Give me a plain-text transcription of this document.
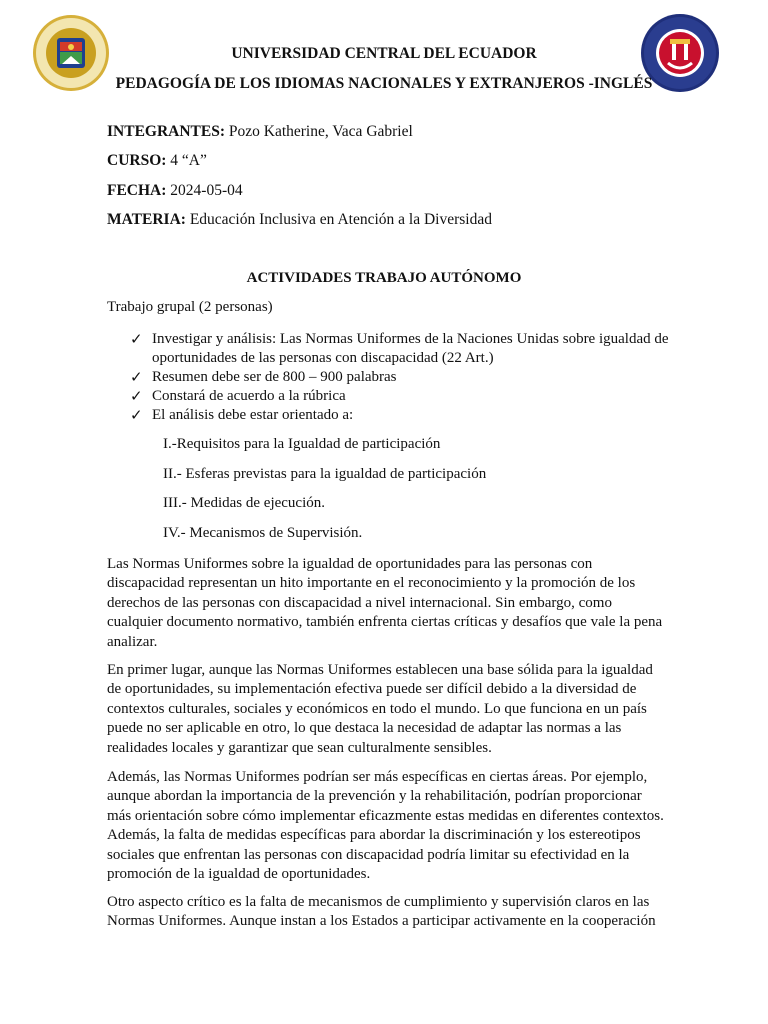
UNIVERSIDAD CENTRAL DEL ECUADOR
PEDAGOGÍA DE LOS IDIOMAS NACIONALES Y EXTRANJEROS -INGLÉS
INTEGRANTES: Pozo Katherine, Vaca Gabriel
CURSO: 4 “A”
FECHA: 2024-05-04
MATERIA: Educación Inclusiva en Atención a la Diversidad
ACTIVIDADES TRABAJO AUTÓNOMO
Trabajo grupal (2 personas)
✓ Investigar y análisis: Las Normas Uniformes de la Naciones Unidas sobre igualdad de oportunidades de las personas con discapacidad (22 Art.)
✓ Resumen debe ser de 800 – 900 palabras
✓ Constará de acuerdo a la rúbrica
✓ El análisis debe estar orientado a:
I.-Requisitos para la Igualdad de participación
II.- Esferas previstas para la igualdad de participación
III.- Medidas de ejecución.
IV.- Mecanismos de Supervisión.
Las Normas Uniformes sobre la igualdad de oportunidades para las personas con discapacidad representan un hito importante en el reconocimiento y la promoción de los derechos de las personas con discapacidad a nivel internacional. Sin embargo, como cualquier documento normativo, también enfrenta ciertas críticas y desafíos que vale la pena analizar.
En primer lugar, aunque las Normas Uniformes establecen una base sólida para la igualdad de oportunidades, su implementación efectiva puede ser difícil debido a la diversidad de contextos culturales, sociales y económicos en todo el mundo. Lo que funciona en un país puede no ser aplicable en otro, lo que destaca la necesidad de adaptar las normas a las realidades locales y garantizar que sean culturalmente sensibles.
Además, las Normas Uniformes podrían ser más específicas en ciertas áreas. Por ejemplo, aunque abordan la importancia de la prevención y la rehabilitación, podrían proporcionar más orientación sobre cómo implementar eficazmente estas medidas en diferentes contextos. Además, la falta de medidas específicas para abordar la discriminación y los estereotipos sociales que enfrentan las personas con discapacidad podría limitar su efectividad en la promoción de la igualdad de oportunidades.
Otro aspecto crítico es la falta de mecanismos de cumplimiento y supervisión claros en las Normas Uniformes. Aunque instan a los Estados a participar activamente en la cooperación
